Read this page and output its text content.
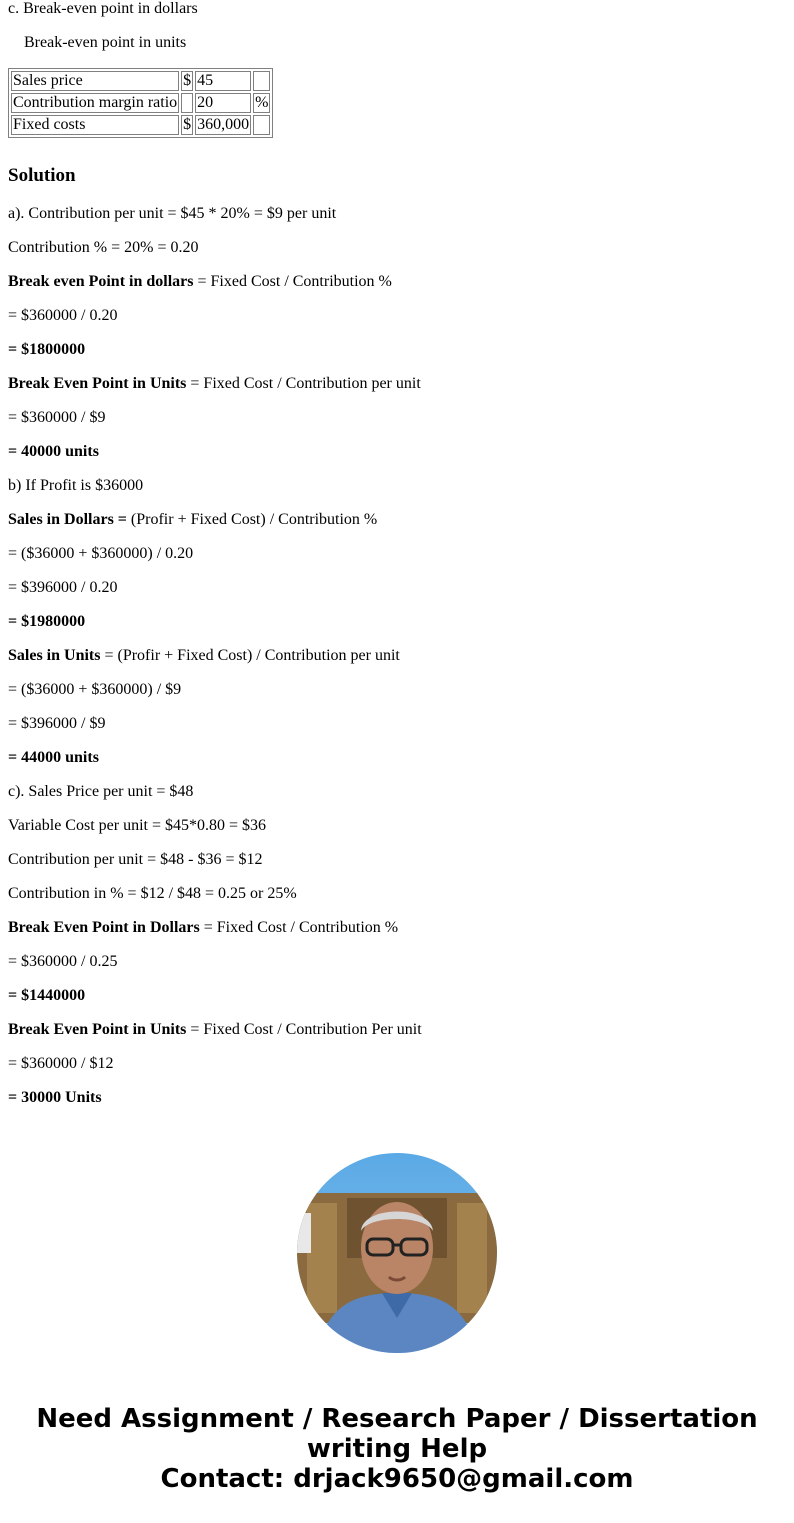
c. Break-even point in dollars
Break-even point in units
Sales price	$	45	
Contribution margin ratio		20	%
Fixed costs	$	360,000	
Solution
a). Contribution per unit = $45 * 20% = $9 per unit
Contribution % = 20% = 0.20
Break even Point in dollars = Fixed Cost / Contribution %
= $360000 / 0.20
= $1800000
Break Even Point in Units = Fixed Cost / Contribution per unit
= $360000 / $9
= 40000 units
b) If Profit is $36000
Sales in Dollars = (Profir + Fixed Cost) / Contribution %
= ($36000 + $360000) / 0.20
= $396000 / 0.20
= $1980000
Sales in Units = (Profir + Fixed Cost) / Contribution per unit
= ($36000 + $360000) / $9
= $396000 / $9
= 44000 units
c). Sales Price per unit = $48
Variable Cost per unit = $45*0.80 = $36
Contribution per unit = $48 - $36 = $12
Contribution in % = $12 / $48 = 0.25 or 25%
Break Even Point in Dollars = Fixed Cost / Contribution %
= $360000 / 0.25
= $1440000
Break Even Point in Units = Fixed Cost / Contribution Per unit
= $360000 / $12
= 30000 Units
Need Assignment / Research Paper / Dissertation
writing Help
Contact: drjack9650@gmail.com
